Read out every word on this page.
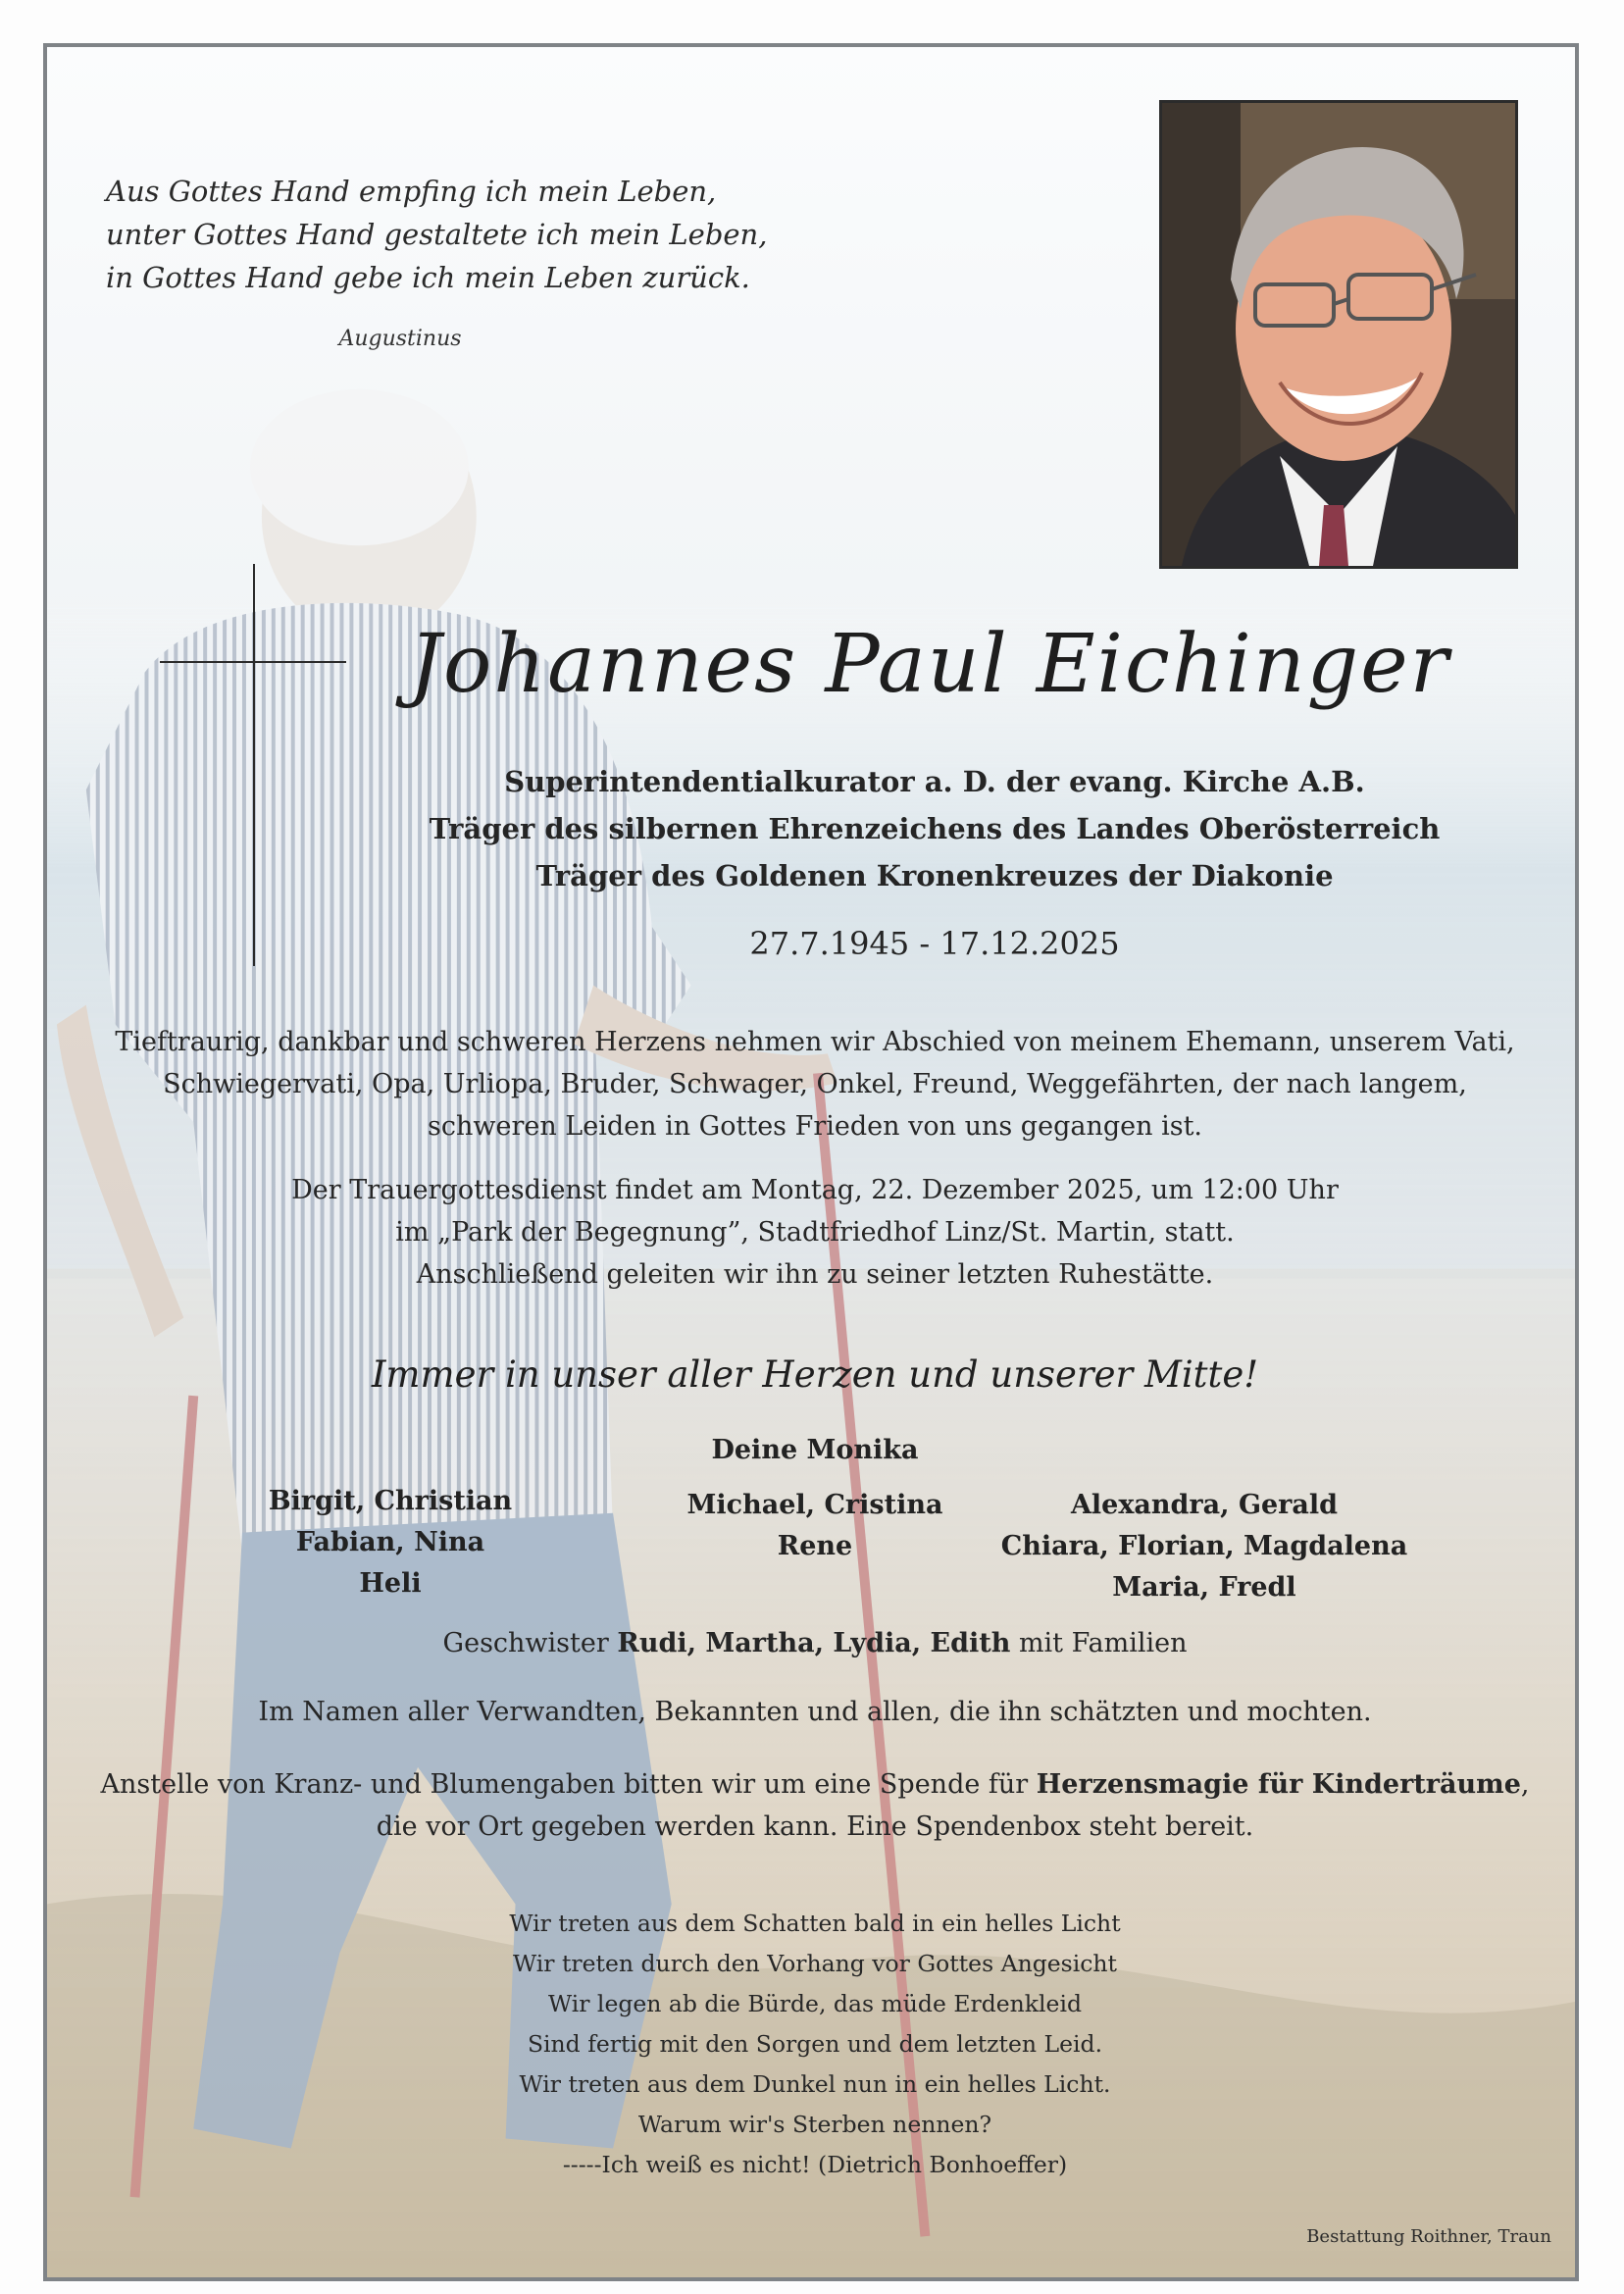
Aus Gottes Hand empfing ich mein Leben,
unter Gottes Hand gestaltete ich mein Leben,
in Gottes Hand gebe ich mein Leben zurück.
Augustinus
Johannes Paul Eichinger
Superintendentialkurator a. D. der evang. Kirche A.B.
Träger des silbernen Ehrenzeichens des Landes Oberösterreich
Träger des Goldenen Kronenkreuzes der Diakonie
27.7.1945 - 17.12.2025
Tieftraurig, dankbar und schweren Herzens nehmen wir Abschied von meinem Ehemann, unserem Vati,
Schwiegervati, Opa, Urliopa, Bruder, Schwager, Onkel, Freund, Weggefährten, der nach langem,
schweren Leiden in Gottes Frieden von uns gegangen ist.
Der Trauergottesdienst findet am Montag, 22. Dezember 2025, um 12:00 Uhr
im „Park der Begegnung”, Stadtfriedhof Linz/St. Martin, statt.
Anschließend geleiten wir ihn zu seiner letzten Ruhestätte.
Immer in unser aller Herzen und unserer Mitte!
Deine Monika
Birgit, Christian
Fabian, Nina
Heli
Michael, Cristina
Rene
Alexandra, Gerald
Chiara, Florian, Magdalena
Maria, Fredl
Geschwister Rudi, Martha, Lydia, Edith mit Familien
Im Namen aller Verwandten, Bekannten und allen, die ihn schätzten und mochten.
Anstelle von Kranz- und Blumengaben bitten wir um eine Spende für Herzensmagie für Kinderträume,
die vor Ort gegeben werden kann. Eine Spendenbox steht bereit.
Wir treten aus dem Schatten bald in ein helles Licht
Wir treten durch den Vorhang vor Gottes Angesicht
Wir legen ab die Bürde, das müde Erdenkleid
Sind fertig mit den Sorgen und dem letzten Leid.
Wir treten aus dem Dunkel nun in ein helles Licht.
Warum wir's Sterben nennen?
-----Ich weiß es nicht! (Dietrich Bonhoeffer)
Bestattung Roithner, Traun
